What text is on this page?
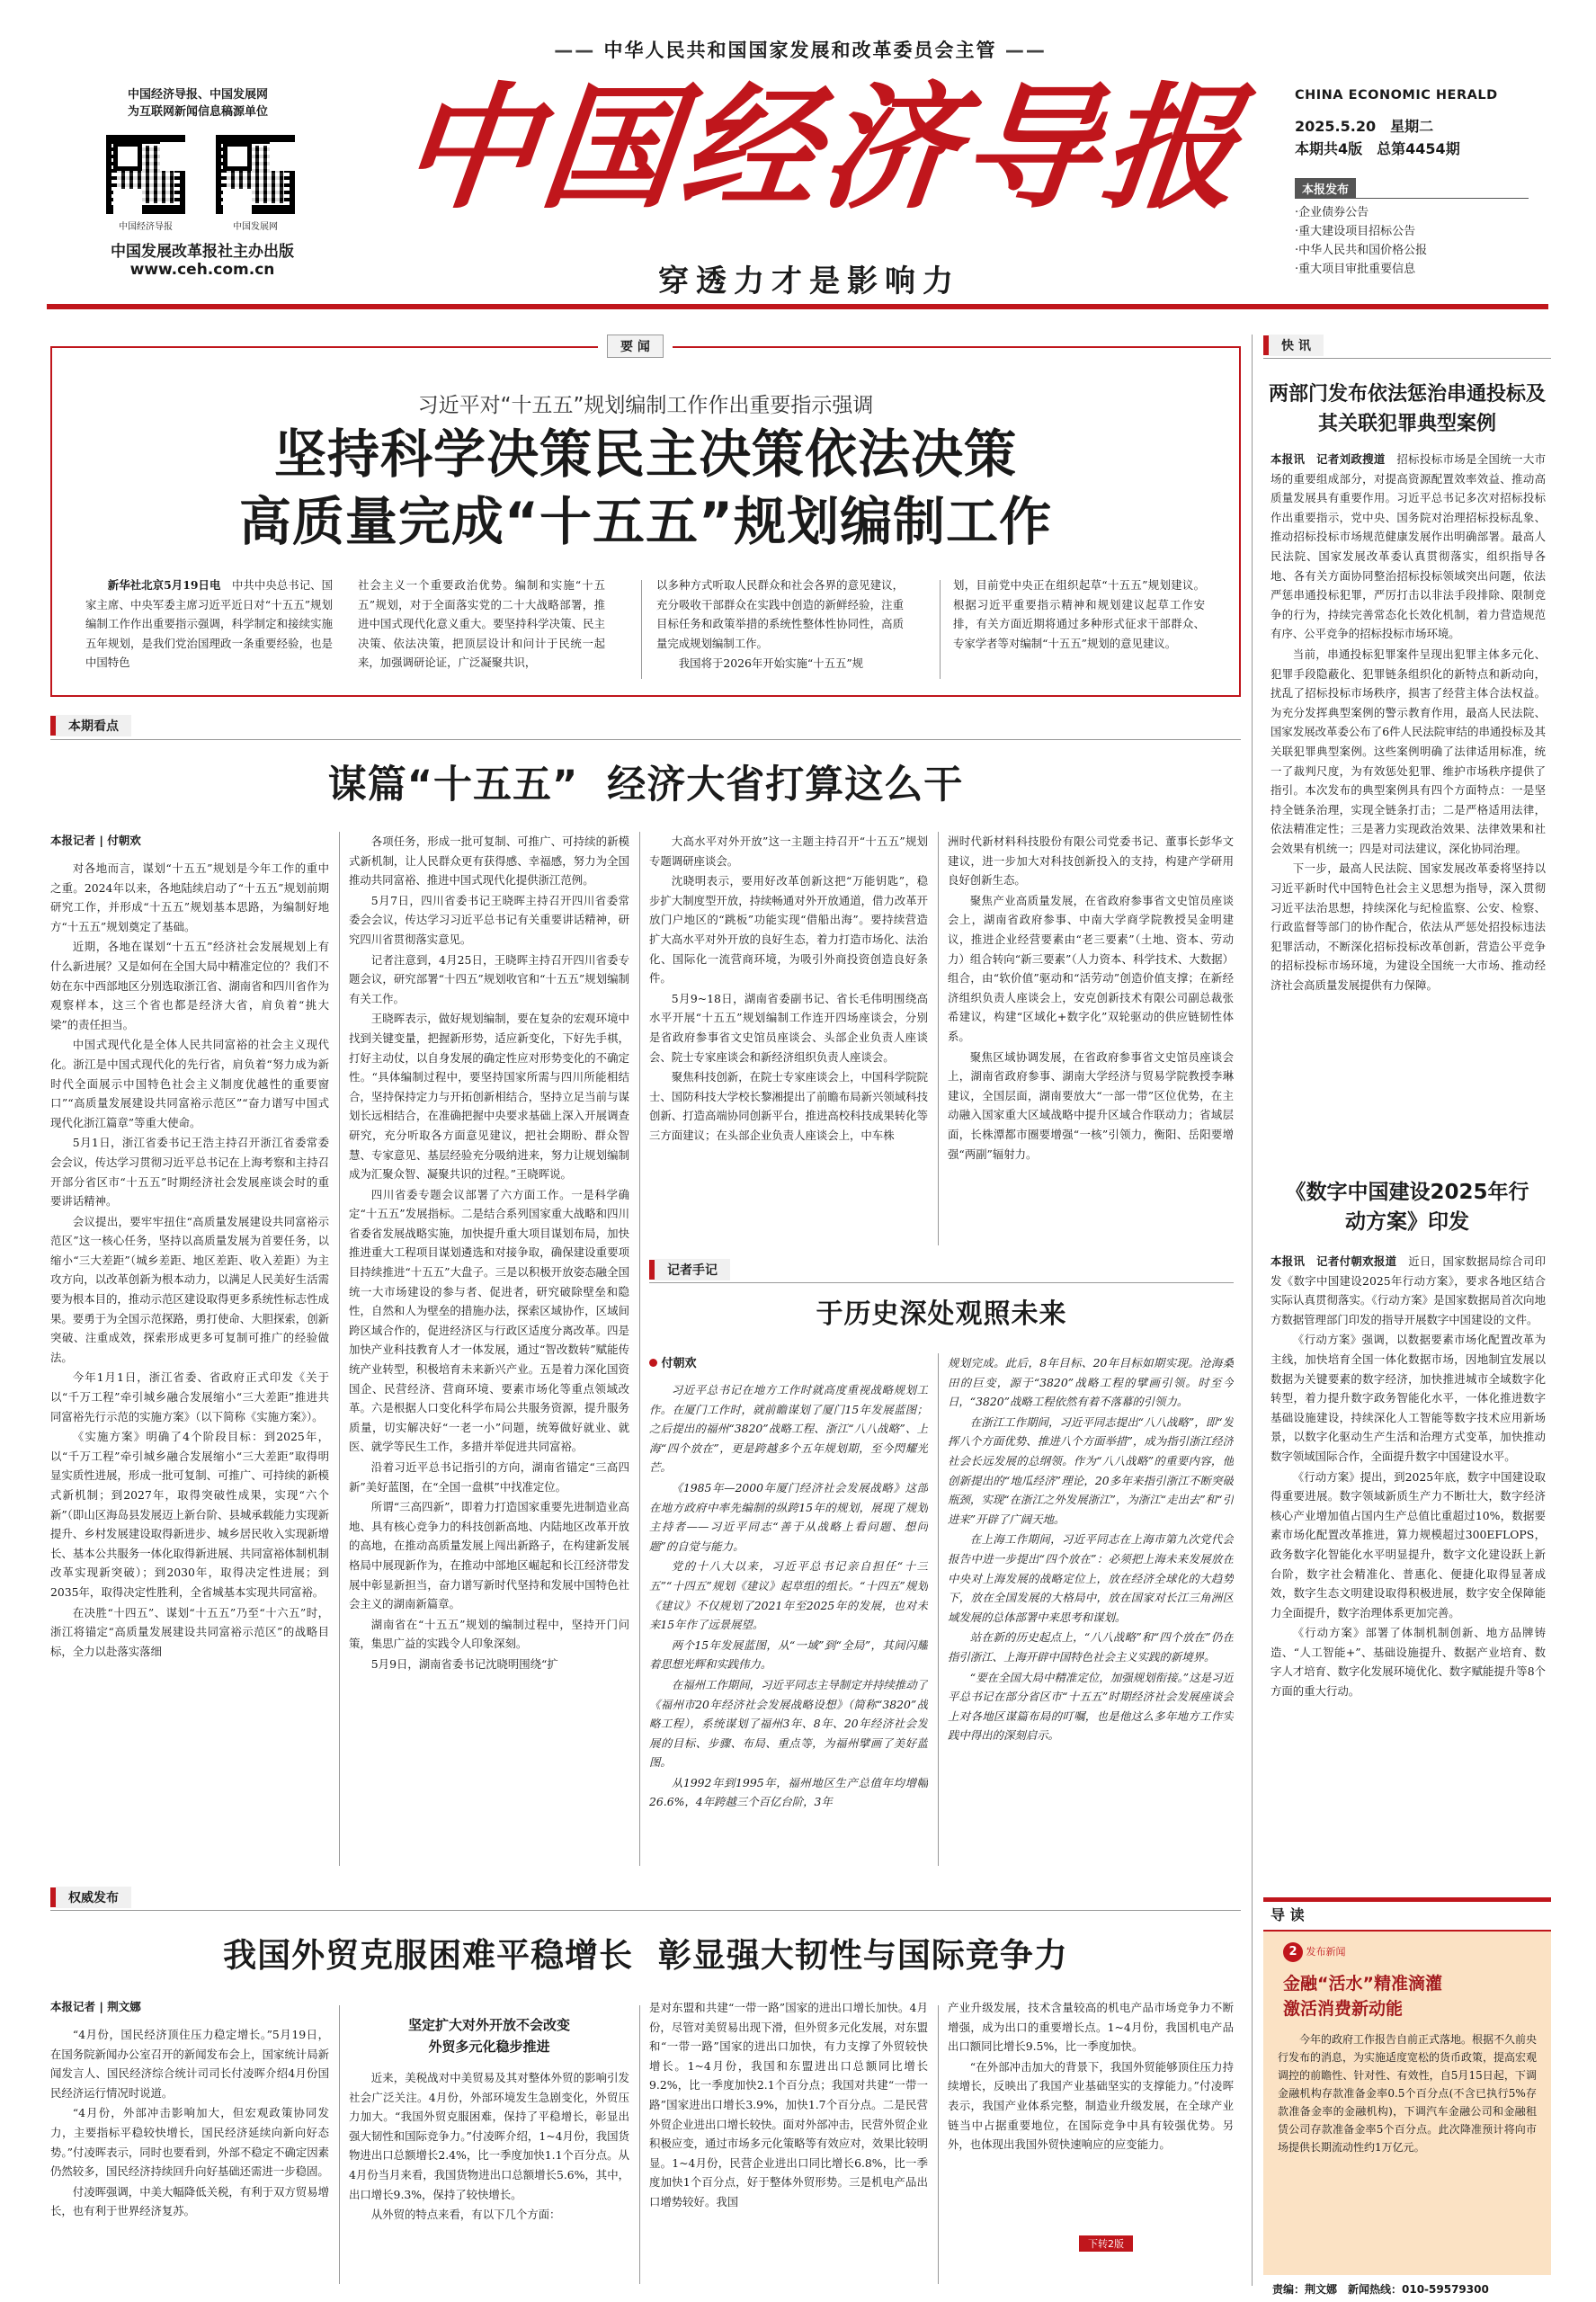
—— 中华人民共和国国家发展和改革委员会主管 ——
中国经济导报、中国发展网
为互联网新闻信息稿源单位
中国经济导报	中国发展网
中国发展改革报社主办出版
www.ceh.com.cn
中国经济导报
穿透力才是影响力
CHINA ECONOMIC HERALD
2025.5.20　 星期二
本期共4版　 总第4454期
本报发布
·企业债券公告
·重大建设项目招标公告
·中华人民共和国价格公报
·重大项目审批重要信息
要 闻
习近平对“十五五”规划编制工作作出重要指示强调
坚持科学决策民主决策依法决策
高质量完成“十五五”规划编制工作

新华社北京5月19日电　 中共中央总书记、国家主席、中央军委主席习近平近日对“十五五”规划编制工作作出重要指示强调，科学制定和接续实施五年规划，是我们党治国理政一条重要经验，也是中国特色

社会主义一个重要政治优势。编制和实施“十五五”规划，对于全面落实党的二十大战略部署，推进中国式现代化意义重大。要坚持科学决策、民主决策、依法决策，把顶层设计和问计于民统一起来，加强调研论证，广泛凝聚共识，

以多种方式听取人民群众和社会各界的意见建议，充分吸收干部群众在实践中创造的新鲜经验，注重目标任务和政策举措的系统性整体性协同性，高质量完成规划编制工作。

我国将于2026年开始实施“十五五”规

划，目前党中央正在组织起草“十五五”规划建议。根据习近平重要指示精神和规划建议起草工作安排，有关方面近期将通过多种形式征求干部群众、专家学者等对编制“十五五”规划的意见建议。

快 讯
两部门发布依法惩治串通投标及其关联犯罪典型案例

本报讯　记者刘政搜道　 招标投标市场是全国统一大市场的重要组成部分，对提高资源配置效率效益、推动高质量发展具有重要作用。习近平总书记多次对招标投标作出重要指示，党中央、国务院对治理招标投标乱象、推动招标投标市场规范健康发展作出明确部署。最高人民法院、国家发展改革委认真贯彻落实，组织指导各地、各有关方面协同整治招标投标领域突出问题，依法严惩串通投标犯罪，严厉打击以非法手段排除、限制竞争的行为，持续完善常态化长效化机制，着力营造规范有序、公平竞争的招标投标市场环境。

当前，串通投标犯罪案件呈现出犯罪主体多元化、犯罪手段隐蔽化、犯罪链条组织化的新特点和新动向，扰乱了招标投标市场秩序，损害了经营主体合法权益。为充分发挥典型案例的警示教育作用，最高人民法院、国家发展改革委公布了6件人民法院审结的串通投标及其关联犯罪典型案例。这些案例明确了法律适用标准，统一了裁判尺度，为有效惩处犯罪、维护市场秩序提供了指引。本次发布的典型案例具有四个方面特点：一是坚持全链条治理，实现全链条打击；二是严格适用法律，依法精准定性；三是著力实现政治效果、法律效果和社会效果有机统一；四是对司法建议，深化协同治理。

下一步，最高人民法院、国家发展改革委将坚持以习近平新时代中国特色社会主义思想为指导，深入贯彻习近平法治思想，持续深化与纪检监察、公安、检察、行政监督等部门的协作配合，依法从严惩处招投标违法犯罪活动，不断深化招标投标改革创新，营造公平竞争的招标投标市场环境，为建设全国统一大市场、推动经济社会高质量发展提供有力保障。

《数字中国建设2025年行动方案》印发

本报讯　记者付朝欢报道　 近日，国家数据局综合司印发《数字中国建设2025年行动方案》，要求各地区结合实际认真贯彻落实。《行动方案》是国家数据局首次向地方数据管理部门印发的指导开展数字中国建设的文件。

《行动方案》强调，以数据要素市场化配置改革为主线，加快培育全国一体化数据市场，因地制宜发展以数据为关键要素的数字经济，加快推进城市全域数字化转型，着力提升数字政务智能化水平，一体化推进数字基础设施建设，持续深化人工智能等数字技术应用新场景，以数字化驱动生产生活和治理方式变革，加快推动数字领域国际合作，全面提升数字中国建设水平。

《行动方案》提出，到2025年底，数字中国建设取得重要进展。数字领域新质生产力不断壮大，数字经济核心产业增加值占国内生产总值比重超过10%，数据要素市场化配置改革推进，算力规模超过300EFLOPS，政务数字化智能化水平明显提升，数字文化建设跃上新台阶，数字社会精准化、普惠化、便捷化取得显著成效，数字生态文明建设取得积极进展，数字安全保障能力全面提升，数字治理体系更加完善。

《行动方案》部署了体制机制创新、地方品牌铸造、“人工智能+”、基础设施提升、数据产业培育、数字人才培育、数字化发展环境优化、数字赋能提升等8个方面的重大行动。

本期看点
谋篇“十五五”  经济大省打算这么干
本报记者 | 付朝欢

对各地而言，谋划“十五五”规划是今年工作的重中之重。2024年以来，各地陆续启动了“十五五”规划前期研究工作，并形成“十五五”规划基本思路，为编制好地方“十五五”规划奠定了基础。

近期，各地在谋划“十五五”经济社会发展规划上有什么新进展？又是如何在全国大局中精准定位的？我们不妨在东中西部地区分别选取浙江省、湖南省和四川省作为观察样本，这三个省也都是经济大省，肩负着“挑大梁”的责任担当。

中国式现代化是全体人民共同富裕的社会主义现代化。浙江是中国式现代化的先行省，肩负着“努力成为新时代全面展示中国特色社会主义制度优越性的重要窗口”“高质量发展建设共同富裕示范区”“奋力谱写中国式现代化浙江篇章”等重大使命。

5月1日，浙江省委书记王浩主持召开浙江省委常委会会议，传达学习贯彻习近平总书记在上海考察和主持召开部分省区市“十五五”时期经济社会发展座谈会时的重要讲话精神。

会议提出，要牢牢扭住“高质量发展建设共同富裕示范区”这一核心任务，坚持以高质量发展为首要任务，以缩小“三大差距”（城乡差距、地区差距、收入差距）为主攻方向，以改革创新为根本动力，以满足人民美好生活需要为根本目的，推动示范区建设取得更多系统性标志性成果。要勇于为全国示范探路，勇打使命、大胆探索，创新突破、注重成效，探索形成更多可复制可推广的经验做法。

今年1月1日，浙江省委、省政府正式印发《关于以“千万工程”牵引城乡融合发展缩小“三大差距”推进共同富裕先行示范的实施方案》（以下简称《实施方案》）。

《实施方案》明确了4个阶段目标：到2025年，以“千万工程”牵引城乡融合发展缩小“三大差距”取得明显实质性进展，形成一批可复制、可推广、可持续的新模式新机制；到2027年，取得突破性成果，实现“六个新”（即山区海岛县发展迈上新台阶、县城承载能力实现新提升、乡村发展建设取得新进步、城乡居民收入实现新增长、基本公共服务一体化取得新进展、共同富裕体制机制改革实现新突破）；到2030年，取得决定性进展；到2035年，取得决定性胜利，全省城基本实现共同富裕。

在决胜“十四五”、谋划“十五五”乃至“十六五”时，浙江将锚定“高质量发展建设共同富裕示范区”的战略目标，全力以赴落实落细

各项任务，形成一批可复制、可推广、可持续的新模式新机制，让人民群众更有获得感、幸福感，努力为全国推动共同富裕、推进中国式现代化提供浙江范例。

5月7日，四川省委书记王晓晖主持召开四川省委常委会会议，传达学习习近平总书记有关重要讲话精神，研究四川省贯彻落实意见。

记者注意到，4月25日，王晓晖主持召开四川省委专题会议，研究部署“十四五”规划收官和“十五五”规划编制有关工作。

王晓晖表示，做好规划编制，要在复杂的宏观环境中找到关键变量，把握新形势，适应新变化，下好先手棋，打好主动仗，以自身发展的确定性应对形势变化的不确定性。“具体编制过程中，要坚持国家所需与四川所能相结合，坚持保持定力与开拓创新相结合，坚持立足当前与谋划长远相结合，在准确把握中央要求基础上深入开展调查研究，充分听取各方面意见建议，把社会期盼、群众智慧、专家意见、基层经验充分吸纳进来，努力让规划编制成为汇聚众智、凝聚共识的过程。”王晓晖说。

四川省委专题会议部署了六方面工作。一是科学确定“十五五”发展指标。二是结合系列国家重大战略和四川省委省发展战略实施，加快提升重大项目谋划布局，加快推进重大工程项目谋划遴选和对接争取，确保建设重要项目持续推进“十五五”大盘子。三是以积极开放姿态融全国统一大市场建设的参与者、促进者，研究破除壁垒和隐性，自然和人为壁垒的措施办法，探索区域协作，区域间跨区域合作的，促进经济区与行政区适度分离改革。四是加快产业科技教育人才一体发展，通过“智改数转”赋能传统产业转型，积极培育未来新兴产业。五是着力深化国资国企、民营经济、营商环境、要素市场化等重点领域改革。六是根据人口变化科学布局公共服务资源，提升服务质量，切实解决好“一老一小”问题，统筹做好就业、就医、就学等民生工作，多措并举促进共同富裕。

沿着习近平总书记指引的方向，湖南省锚定“三高四新”美好蓝图，在“全国一盘棋”中找准定位。

所谓“三高四新”，即着力打造国家重要先进制造业高地、具有核心竞争力的科技创新高地、内陆地区改革开放的高地，在推动高质量发展上闯出新路子，在构建新发展格局中展现新作为，在推动中部地区崛起和长江经济带发展中彰显新担当，奋力谱写新时代坚持和发展中国特色社会主义的湖南新篇章。

湖南省在“十五五”规划的编制过程中，坚持开门问策，集思广益的实践令人印象深刻。

5月9日，湖南省委书记沈晓明围绕“扩

大高水平对外开放”这一主题主持召开“十五五”规划专题调研座谈会。

沈晓明表示，要用好改革创新这把“万能钥匙”，稳步扩大制度型开放，持续畅通对外开放通道，借力改革开放门户地区的“跳板”功能实现“借船出海”。要持续营造扩大高水平对外开放的良好生态，着力打造市场化、法治化、国际化一流营商环境，为吸引外商投资创造良好条件。

5月9~18日，湖南省委副书记、省长毛伟明围绕高水平开展“十五五”规划编制工作连开四场座谈会，分别是省政府参事省文史馆员座谈会、头部企业负责人座谈会、院士专家座谈会和新经济组织负责人座谈会。

聚焦科技创新，在院士专家座谈会上，中国科学院院士、国防科技大学校长黎湘提出了前瞻布局新兴领域科技创新、打造高端协同创新平台，推进高校科技成果转化等三方面建议；在头部企业负责人座谈会上，中车株

洲时代新材料科技股份有限公司党委书记、董事长彭华文建议，进一步加大对科技创新投入的支持，构建产学研用良好创新生态。

聚焦产业高质量发展，在省政府参事省文史馆员座谈会上，湖南省政府参事、中南大学商学院教授吴金明建议，推进企业经营要素由“老三要素”（土地、资本、劳动力）组合转向“新三要素”（人力资本、科学技术、大数据）组合，由“软价值”驱动和“活劳动”创造价值支撑；在新经济组织负责人座谈会上，安克创新技术有限公司副总裁张希建议，构建“区域化+数字化”双轮驱动的供应链韧性体系。

聚焦区域协调发展，在省政府参事省文史馆员座谈会上，湖南省政府参事、湖南大学经济与贸易学院教授李琳建议，全国层面，湖南要放大“一部一带”区位优势，在主动融入国家重大区域战略中提升区域合作联动力；省域层面，长株潭都市圈要增强“一核”引领力，衡阳、岳阳要增强“两副”辐射力。

记者手记
于历史深处观照未来
付朝欢

习近平总书记在地方工作时就高度重视战略规划工作。在厦门工作时，就前瞻谋划了厦门15年发展蓝图；之后提出的福州“3820”战略工程、浙江“八八战略”、上海“四个放在”，更是跨越多个五年规划期，至今閃耀光芒。

《1985年—2000年厦门经济社会发展战略》这部在地方政府中率先编制的纵跨15年的规划，展现了规划主持者——习近平同志“善于从战略上看问题、想问题”的自觉与能力。

党的十八大以来，习近平总书记亲自担任“十三五”“十四五”规划《建议》起草组的组长。“十四五”规划《建议》不仅规划了2021年至2025年的发展，也对未来15年作了远景展望。

两个15年发展蓝图，从“一域”到“全局”，其间闪耀着思想光辉和实践伟力。

在福州工作期间，习近平同志主导制定并持续推动了《福州市20年经济社会发展战略设想》（简称“3820”战略工程），系统谋划了福州3年、8年、20年经济社会发展的目标、步骤、布局、重点等，为福州擘画了美好蓝图。

从1992年到1995年，福州地区生产总值年均增幅26.6%，4年跨越三个百亿台阶，3年

规划完成。此后，8年目标、20年目标如期实现。沧海桑田的巨变，源于“3820”战略工程的擘画引领。时至今日，“3820”战略工程依然有着不落幕的引领力。

在浙江工作期间，习近平同志提出“八八战略”，即“发挥八个方面优势、推进八个方面举措”，成为指引浙江经济社会长远发展的总纲领。作为“八八战略”的重要内容，他创新提出的“地瓜经济”理论，20多年来指引浙江不断突破瓶颈，实现“在浙江之外发展浙江”，为浙江“走出去”和“引进来”开辟了广阔天地。

在上海工作期间，习近平同志在上海市第九次党代会报告中进一步提出“四个放在”：必须把上海未来发展放在中央对上海发展的战略定位上，放在经济全球化的大趋势下，放在全国发展的大格局中，放在国家对长江三角洲区域发展的总体部署中来思考和谋划。

站在新的历史起点上，“八八战略”和“四个放在”仍在指引浙江、上海开辟中国特色社会主义实践的新境界。

“要在全国大局中精准定位，加强规划衔接。”这是习近平总书记在部分省区市“十五五”时期经济社会发展座谈会上对各地区谋篇布局的叮嘱，也是他这么多年地方工作实践中得出的深刻启示。

权威发布
我国外贸克服困难平稳增长  彰显强大韧性与国际竞争力
本报记者 | 荆文娜

“4月份，国民经济顶住压力稳定增长。”5月19日，在国务院新闻办公室召开的新闻发布会上，国家统计局新闻发言人、国民经济综合统计司司长付凌晖介绍4月份国民经济运行情况时说道。

“4月份，外部冲击影响加大，但宏观政策协同发力，主要指标平稳较快增长，国民经济延续向新向好态势。”付凌晖表示，同时也要看到，外部不稳定不确定因素仍然较多，国民经济持续回升向好基础还需进一步稳固。

付凌晖强调，中美大幅降低关税，有利于双方贸易增长，也有利于世界经济复苏。

坚定扩大对外开放不会改变
外贸多元化稳步推进

近来，美税战对中美贸易及其对整体外贸的影响引发社会广泛关注。4月份，外部环境发生急剧变化，外贸压力加大。“我国外贸克服困难，保持了平稳增长，彰显出强大韧性和国际竞争力。”付凌晖介绍，1~4月份，我国货物进出口总额增长2.4%，比一季度加快1.1个百分点。从4月份当月来看，我国货物进出口总额增长5.6%，其中，出口增长9.3%，保持了较快增长。

从外贸的特点来看，有以下几个方面：

是对东盟和共建“一带一路”国家的进出口增长加快。4月份，尽管对美贸易出现下滑，但外贸多元化发展，对东盟和“一带一路”国家的进出口加快，有力支撑了外贸较快增长。1~4月份，我国和东盟进出口总额同比增长9.2%，比一季度加快2.1个百分点；我国对共建“一带一路”国家进出口增长3.9%，加快1.7个百分点。二是民营外贸企业进出口增长较快。面对外部冲击，民营外贸企业积极应变，通过市场多元化策略等有效应对，效果比较明显。1~4月份，民营企业进出口同比增长6.8%，比一季度加快1个百分点，好于整体外贸形势。三是机电产品出口增势较好。我国

产业升级发展，技术含量较高的机电产品市场竞争力不断增强，成为出口的重要增长点。1~4月份，我国机电产品出口额同比增长9.5%，比一季度加快。

“在外部冲击加大的背景下，我国外贸能够顶住压力持续增长，反映出了我国产业基础坚实的支撑能力。”付凌晖表示，我国产业体系完整，制造业升级发展，在全球产业链当中占据重要地位，在国际竞争中具有较强优势。另外，也体现出我国外贸快速响应的应变能力。

下转2版
导 读
2 发布新闻
金融“活水”精准滴灌
激活消费新动能

今年的政府工作报告自前正式落地。根据不久前央行发布的消息，为实施适度宽松的货币政策，提高宏观调控的前瞻性、针对性、有效性，自5月15日起，下调金融机构存款准备金率0.5个百分点(不含已执行5%存款准备金率的金融机构)，下调汽车金融公司和金融租赁公司存款准备金率5个百分点。此次降准预计将向市场提供长期流动性约1万亿元。

责编：荆文娜　新闻热线：010-59579300
